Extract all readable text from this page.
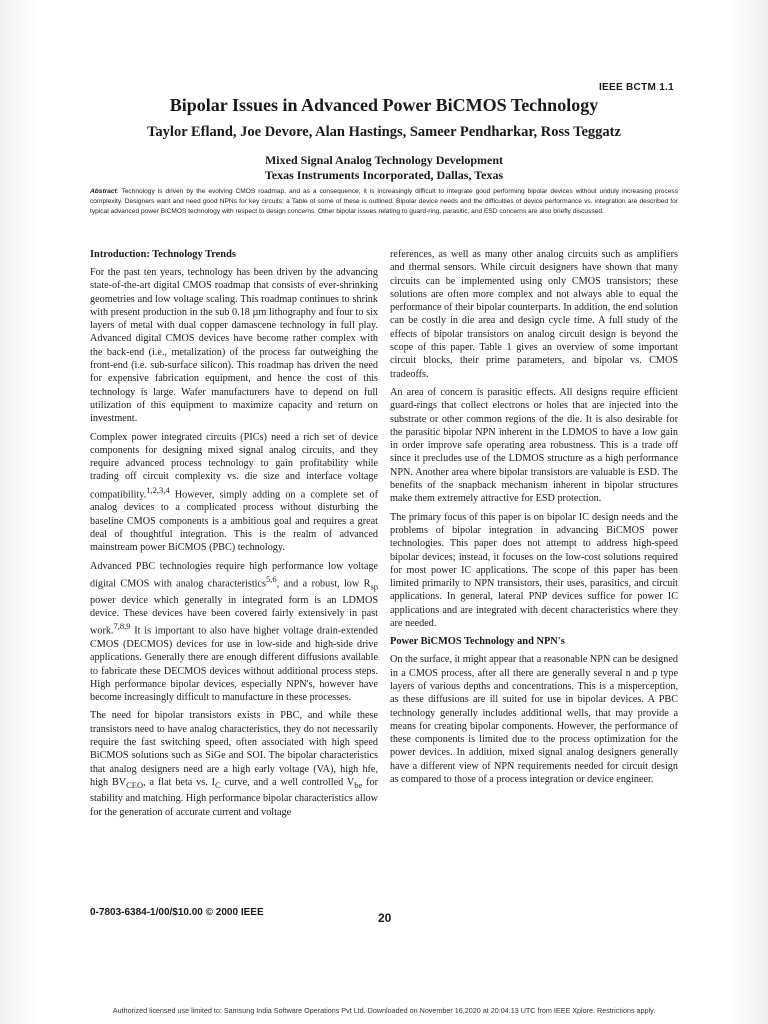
IEEE BCTM 1.1
Bipolar Issues in Advanced Power BiCMOS Technology

Taylor Efland, Joe Devore, Alan Hastings, Sameer Pendharkar, Ross Teggatz

Mixed Signal Analog Technology Development

Texas Instruments Incorporated, Dallas, Texas

Abstract: Technology is driven by the evolving CMOS roadmap, and as a consequence, it is increasingly difficult to integrate good performing bipolar devices without unduly increasing process complexity. Designers want and need good NPNs for key circuits; a Table of some of these is outlined. Bipolar device needs and the difficulties of device performance vs. integration are described for typical advanced power BiCMOS technology with respect to design concerns. Other bipolar issues relating to guard-ring, parasitic, and ESD concerns are also briefly discussed.

Introduction: Technology Trends

For the past ten years, technology has been driven by the advancing state-of-the-art digital CMOS roadmap that consists of ever-shrinking geometries and low voltage scaling. This roadmap continues to shrink with present production in the sub 0.18 µm lithography and four to six layers of metal with dual copper damascene technology in full play. Advanced digital CMOS devices have become rather complex with the back-end (i.e., metalization) of the process far outweighing the front-end (i.e. sub-surface silicon). This roadmap has driven the need for expensive fabrication equipment, and hence the cost of this technology is large. Wafer manufacturers have to depend on full utilization of this equipment to maximize capacity and return on investment.

Complex power integrated circuits (PICs) need a rich set of device components for designing mixed signal analog circuits, and they require advanced process technology to gain profitability while trading off circuit complexity vs. die size and interface voltage compatibility.$^{1,2,3,4}$ However, simply adding on a complete set of analog devices to a complicated process without disturbing the baseline CMOS components is a ambitious goal and requires a great deal of thoughtful integration. This is the realm of advanced mainstream power BiCMOS (PBC) technology.

Advanced PBC technologies require high performance low voltage digital CMOS with analog characteristics$^{5,6}$, and a robust, low $R_{sp}$ power device which generally in integrated form is an LDMOS device. These devices have been covered fairly extensively in past work.$^{7,8,9}$ It is important to also have higher voltage drain-extended CMOS (DECMOS) devices for use in low-side and high-side drive applications. Generally there are enough different diffusions available to fabricate these DECMOS devices without additional process steps. High performance bipolar devices, especially NPN's, however have become increasingly difficult to manufacture in these processes.

The need for bipolar transistors exists in PBC, and while these transistors need to have analog characteristics, they do not necessarily require the fast switching speed, often associated with high speed BiCMOS solutions such as SiGe and SOI. The bipolar characteristics that analog designers need are a high early voltage (VA), high hfe, high $BV_{CEO}$, a flat beta vs. $I_C$ curve, and a well controlled $V_{be}$ for stability and matching. High performance bipolar characteristics allow for the generation of accurate current and voltage

references, as well as many other analog circuits such as amplifiers and thermal sensors. While circuit designers have shown that many circuits can be implemented using only CMOS transistors; these solutions are often more complex and not always able to equal the performance of their bipolar counterparts. In addition, the end solution can be costly in die area and design cycle time. A full study of the effects of bipolar transistors on analog circuit design is beyond the scope of this paper. Table 1 gives an overview of some important circuit blocks, their prime parameters, and bipolar vs. CMOS tradeoffs.

An area of concern is parasitic effects. All designs require efficient guard-rings that collect electrons or holes that are injected into the substrate or other common regions of the die. It is also desirable for the parasitic bipolar NPN inherent in the LDMOS to have a low gain in order improve safe operating area robustness. This is a trade off since it precludes use of the LDMOS structure as a high performance NPN. Another area where bipolar transistors are valuable is ESD. The benefits of the snapback mechanism inherent in bipolar structures make them extremely attractive for ESD protection.

The primary focus of this paper is on bipolar IC design needs and the problems of bipolar integration in advancing BiCMOS power technologies. This paper does not attempt to address high-speed bipolar devices; instead, it focuses on the low-cost solutions required for most power IC applications. The scope of this paper has been limited primarily to NPN transistors, their uses, parasitics, and circuit applications. In general, lateral PNP devices suffice for power IC applications and are integrated with decent characteristics where they are needed.

Power BiCMOS Technology and NPN's

On the surface, it might appear that a reasonable NPN can be designed in a CMOS process, after all there are generally several n and p type layers of various depths and concentrations. This is a misperception, as these diffusions are ill suited for use in bipolar devices. A PBC technology generally includes additional wells, that may provide a means for creating bipolar components. However, the performance of these components is limited due to the process optimization for the power devices. In addition, mixed signal analog designers generally have a different view of NPN requirements needed for circuit design as compared to those of a process integration or device engineer.

0-7803-6384-1/00/$10.00 © 2000 IEEE	20
Authorized licensed use limited to: Samsung India Software Operations Pvt Ltd. Downloaded on November 16,2020 at 20:04:13 UTC from IEEE Xplore. Restrictions apply.
